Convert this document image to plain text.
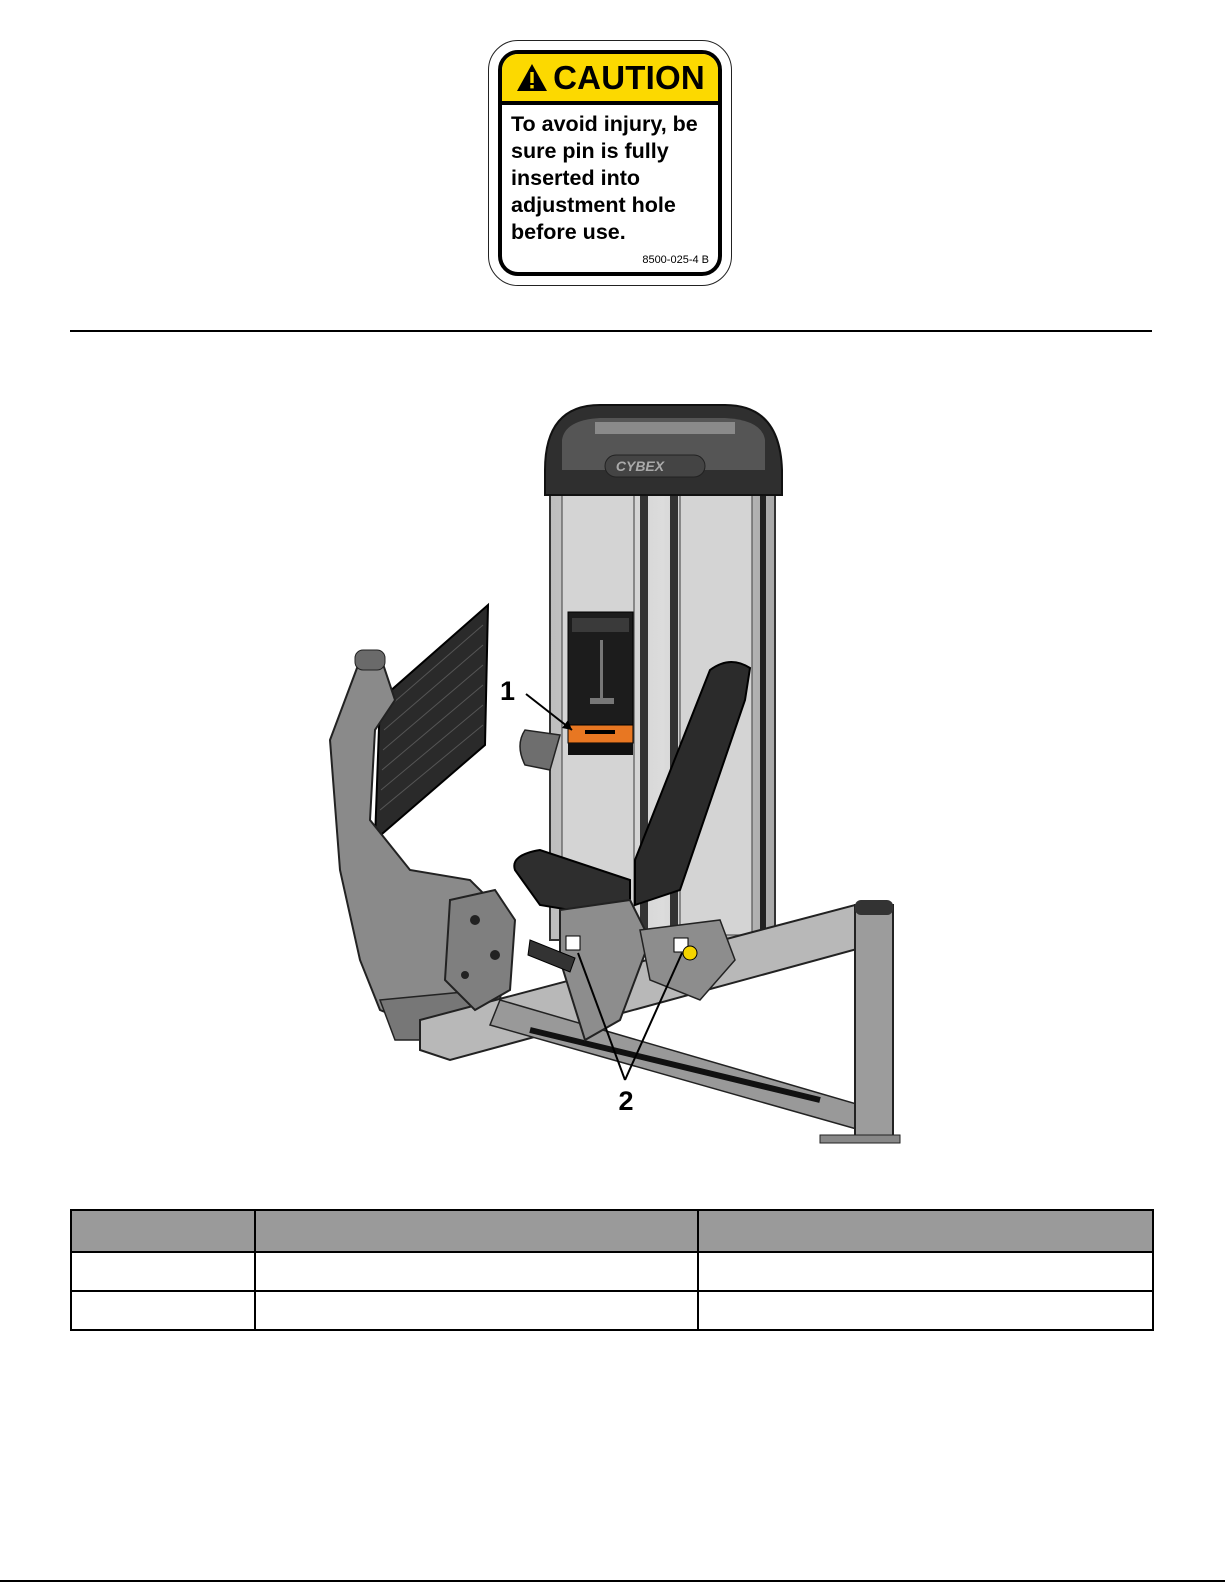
CAUTION
To avoid injury, be sure pin is fully inserted into adjustment hole before use.
8500-025-4 B
CYBEX
1
2
